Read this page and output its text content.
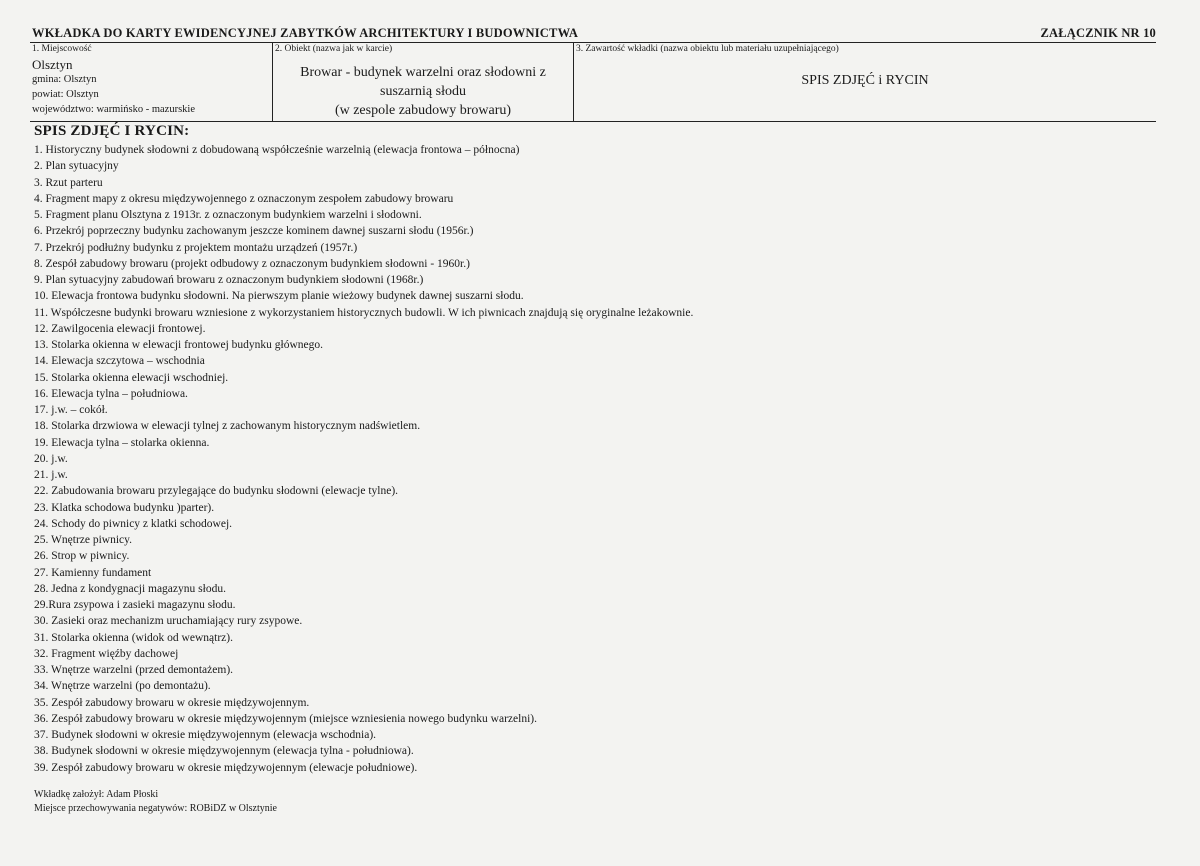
WKŁADKA DO KARTY EWIDENCYJNEJ ZABYTKÓW ARCHITEKTURY I BUDOWNICTWA	ZAŁĄCZNIK NR 10
1. Miejscowość
Olsztyn
gmina: Olsztyn
powiat: Olsztyn
województwo: warmińsko - mazurskie
2. Obiekt (nazwa jak w karcie)
Browar - budynek warzelni oraz słodowni z
suszarnią słodu
(w zespole zabudowy browaru)
3. Zawartość wkładki (nazwa obiektu lub materiału uzupełniającego)
SPIS ZDJĘĆ i RYCIN
SPIS ZDJĘĆ I RYCIN:
1. Historyczny budynek słodowni z dobudowaną współcześnie warzelnią (elewacja frontowa – północna)
2. Plan sytuacyjny
3. Rzut parteru
4. Fragment mapy z okresu międzywojennego z oznaczonym zespołem zabudowy browaru
5. Fragment planu Olsztyna z 1913r. z oznaczonym budynkiem warzelni i słodowni.
6. Przekrój poprzeczny budynku zachowanym jeszcze kominem dawnej suszarni słodu (1956r.)
7. Przekrój podłużny budynku z projektem montażu urządzeń (1957r.)
8. Zespół zabudowy browaru (projekt odbudowy z oznaczonym budynkiem słodowni - 1960r.)
9. Plan sytuacyjny zabudowań browaru z oznaczonym budynkiem słodowni (1968r.)
10. Elewacja frontowa budynku słodowni. Na pierwszym planie wieżowy budynek dawnej suszarni słodu.
11. Współczesne budynki browaru wzniesione z wykorzystaniem historycznych budowli. W ich piwnicach znajdują się oryginalne leżakownie.
12. Zawilgocenia elewacji frontowej.
13. Stolarka okienna w elewacji frontowej budynku głównego.
14. Elewacja szczytowa – wschodnia
15. Stolarka okienna elewacji wschodniej.
16. Elewacja tylna – południowa.
17. j.w. – cokół.
18. Stolarka drzwiowa w elewacji tylnej z zachowanym historycznym nadświetlem.
19. Elewacja tylna – stolarka okienna.
20. j.w.
21. j.w.
22. Zabudowania browaru przylegające do budynku słodowni (elewacje tylne).
23. Klatka schodowa budynku )parter).
24. Schody do piwnicy z klatki schodowej.
25. Wnętrze piwnicy.
26. Strop w piwnicy.
27. Kamienny fundament
28. Jedna z kondygnacji magazynu słodu.
29.Rura zsypowa i zasieki magazynu słodu.
30. Zasieki oraz mechanizm uruchamiający rury zsypowe.
31. Stolarka okienna (widok od wewnątrz).
32. Fragment więźby dachowej
33. Wnętrze warzelni (przed demontażem).
34. Wnętrze warzelni (po demontażu).
35. Zespół zabudowy browaru w okresie międzywojennym.
36. Zespół zabudowy browaru w okresie międzywojennym (miejsce wzniesienia nowego budynku warzelni).
37. Budynek słodowni w okresie międzywojennym (elewacja wschodnia).
38. Budynek słodowni w okresie międzywojennym (elewacja tylna - południowa).
39. Zespół zabudowy browaru w okresie międzywojennym (elewacje południowe).
Wkładkę założył: Adam Płoski
Miejsce przechowywania negatywów: ROBiDZ w Olsztynie
